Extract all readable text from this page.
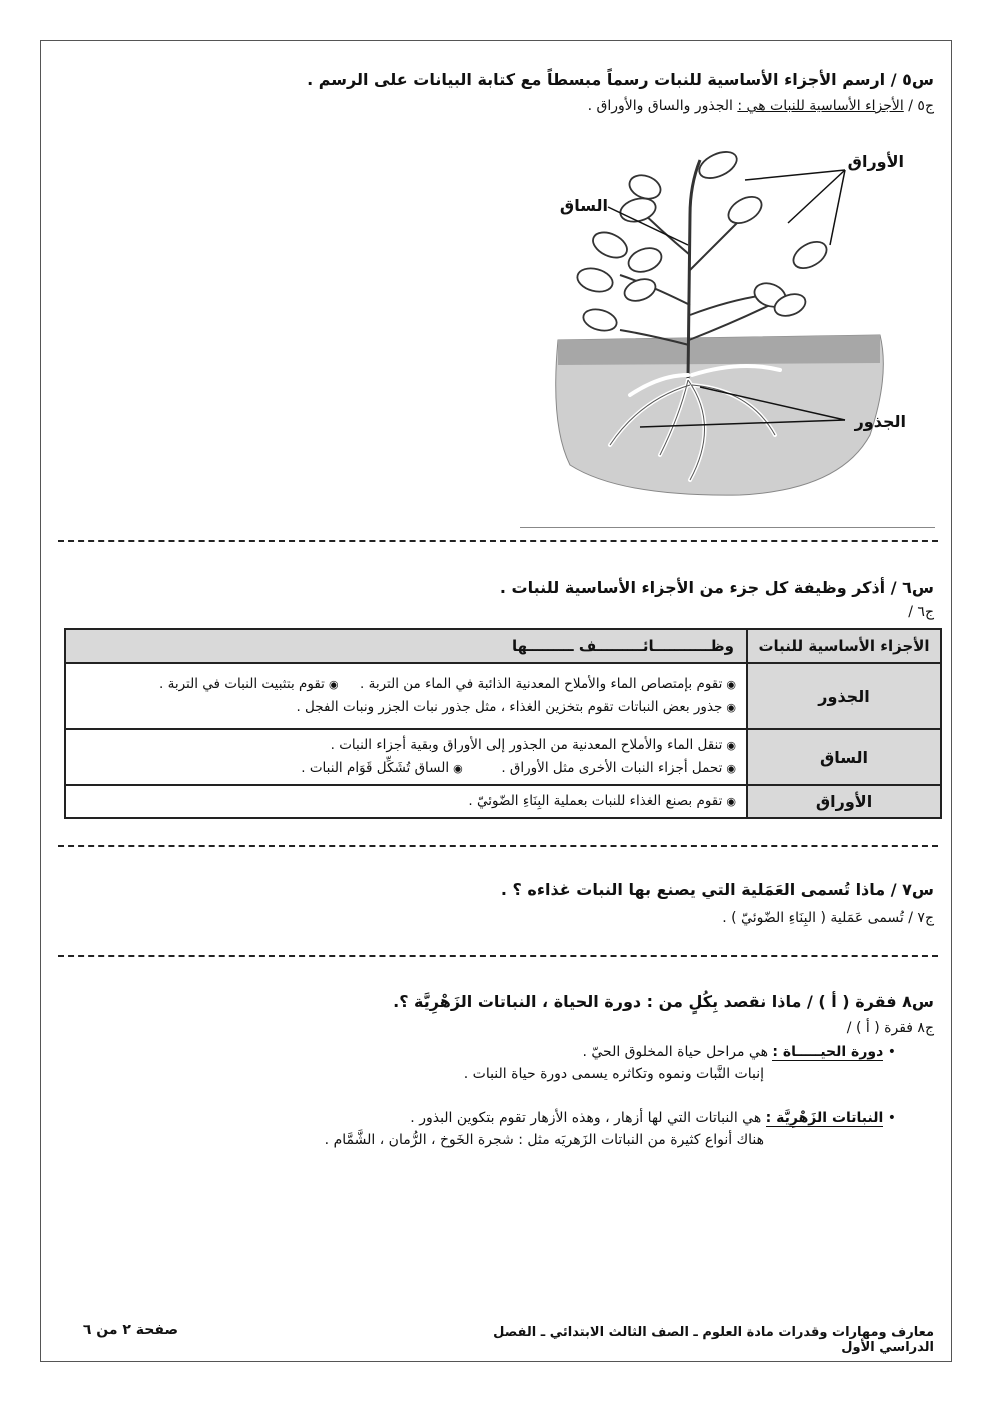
س٥ / ارسم الأجزاء الأساسية للنبات رسماً مبسطاً مع كتابة البيانات على الرسم .
ج٥ / الأجزاء الأساسية للنبات هي : الجذور والساق والأوراق .
الأوراق
الساق
الجذور
س٦ / أذكر وظيفة كل جزء من الأجزاء الأساسية للنبات .
ج٦ /
الأجزاء الأساسية للنبات	وظـــــــــــائـــــــــف ـــــــــها
الجذور	◉تقوم بإمتصاص الماء والأملاح المعدنية الذائبة في الماء من التربة .     ◉تقوم بتثبيت النبات في التربة .
◉جذور بعض النباتات تقوم بتخزين الغذاء ، مثل جذور نبات الجزر ونبات الفجل .

الساق	◉تنقل الماء والأملاح المعدنية من الجذور إلى الأوراق وبقية أجزاء النبات .
◉تحمل أجزاء النبات الأخرى مثل الأوراق .         ◉الساق تُشَكِّل قَوَام النبات .

الأوراق	◉تقوم بصنع الغذاء للنبات بعملية البِنَاءِ الضّوئيّ .
س٧ / ماذا تُسمى العَمَلية التي يصنع بها النبات غذاءه ؟ .
ج٧ / تُسمى عَمَلية ( البِنَاءِ الضّوئيّ ) .
س٨ فقرة ( أ ) / ماذا نقصد بِكُلٍ من : دورة الحياة ، النباتات الزَهْرِيَّة ؟.
ج٨ فقرة ( أ ) /
• دورة الحيـــــاة : هي مراحل حياة المخلوق الحيّ .
إنبات النَّبات ونموه وتكاثره يسمى دورة حياة النبات .
• النباتات الزَهْرِيَّة : هي النباتات التي لها أزهار ، وهذه الأزهار تقوم بتكوين البذور .
هناك أنواع كثيرة من النباتات الزَهريَه مثل : شجرة الخَوخ ، الرُّمان ، الشَّمَّام .
معارف ومهارات وقدرات مادة العلوم ـ الصف الثالث الابتدائي ـ الفصل الدراسي الأول
صفحة ٢ من ٦
